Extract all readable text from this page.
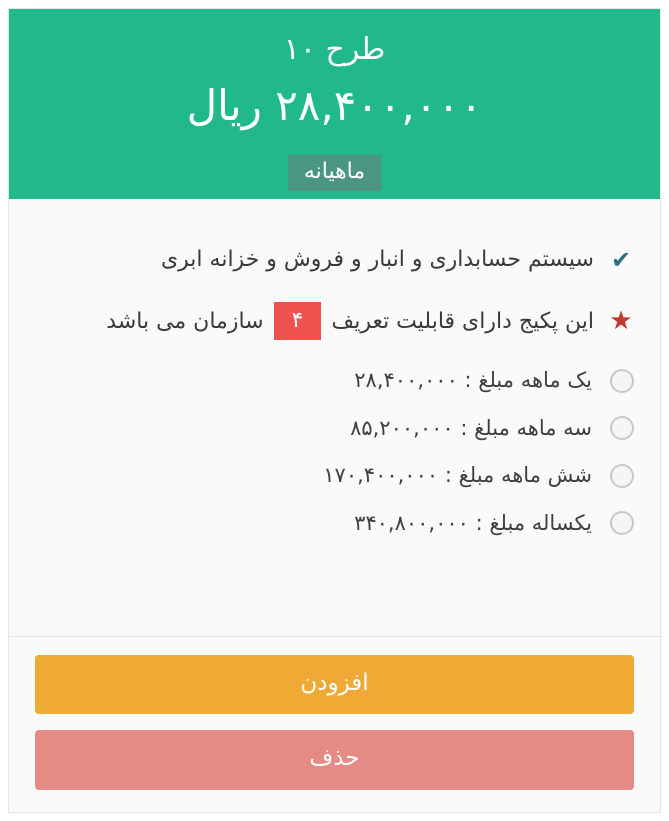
طرح ۱۰
۲۸,۴۰۰,۰۰۰ ریال
ماهیانه
✔
سیستم حسابداری و انبار و فروش و خزانه ابری
★
این پکیج دارای قابلیت تعریف
۴
سازمان می باشد
یک ماهه مبلغ : ۲۸,۴۰۰,۰۰۰
سه ماهه مبلغ : ۸۵,۲۰۰,۰۰۰
شش ماهه مبلغ : ۱۷۰,۴۰۰,۰۰۰
یکساله مبلغ : ۳۴۰,۸۰۰,۰۰۰
افزودن
حذف
